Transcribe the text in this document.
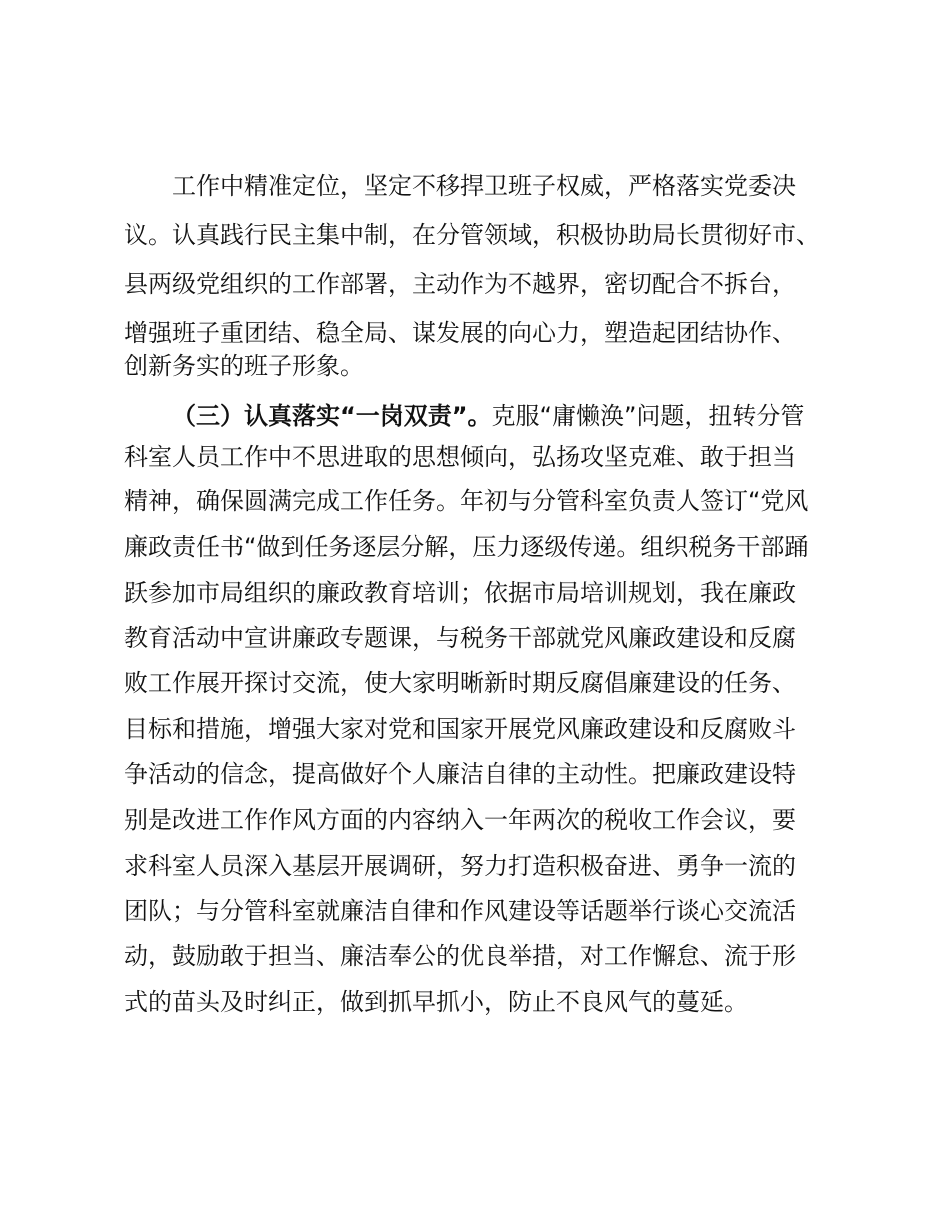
工作中精准定位，坚定不移捍卫班子权威，严格落实党委决
议。认真践行民主集中制，在分管领域，积极协助局长贯彻好市、
县两级党组织的工作部署，主动作为不越界，密切配合不拆台，
增强班子重团结、稳全局、谋发展的向心力，塑造起团结协作、
创新务实的班子形象。
（三）认真落实“一岗双责”。克服“庸懒涣”问题，扭转分管
科室人员工作中不思进取的思想倾向，弘扬攻坚克难、敢于担当
精神，确保圆满完成工作任务。年初与分管科室负责人签订“党风
廉政责任书“做到任务逐层分解，压力逐级传递。组织税务干部踊
跃参加市局组织的廉政教育培训；依据市局培训规划，我在廉政
教育活动中宣讲廉政专题课，与税务干部就党风廉政建设和反腐
败工作展开探讨交流，使大家明晰新时期反腐倡廉建设的任务、
目标和措施，增强大家对党和国家开展党风廉政建设和反腐败斗
争活动的信念，提高做好个人廉洁自律的主动性。把廉政建设特
别是改进工作作风方面的内容纳入一年两次的税收工作会议，要
求科室人员深入基层开展调研，努力打造积极奋进、勇争一流的
团队；与分管科室就廉洁自律和作风建设等话题举行谈心交流活
动，鼓励敢于担当、廉洁奉公的优良举措，对工作懈怠、流于形
式的苗头及时纠正，做到抓早抓小，防止不良风气的蔓延。
